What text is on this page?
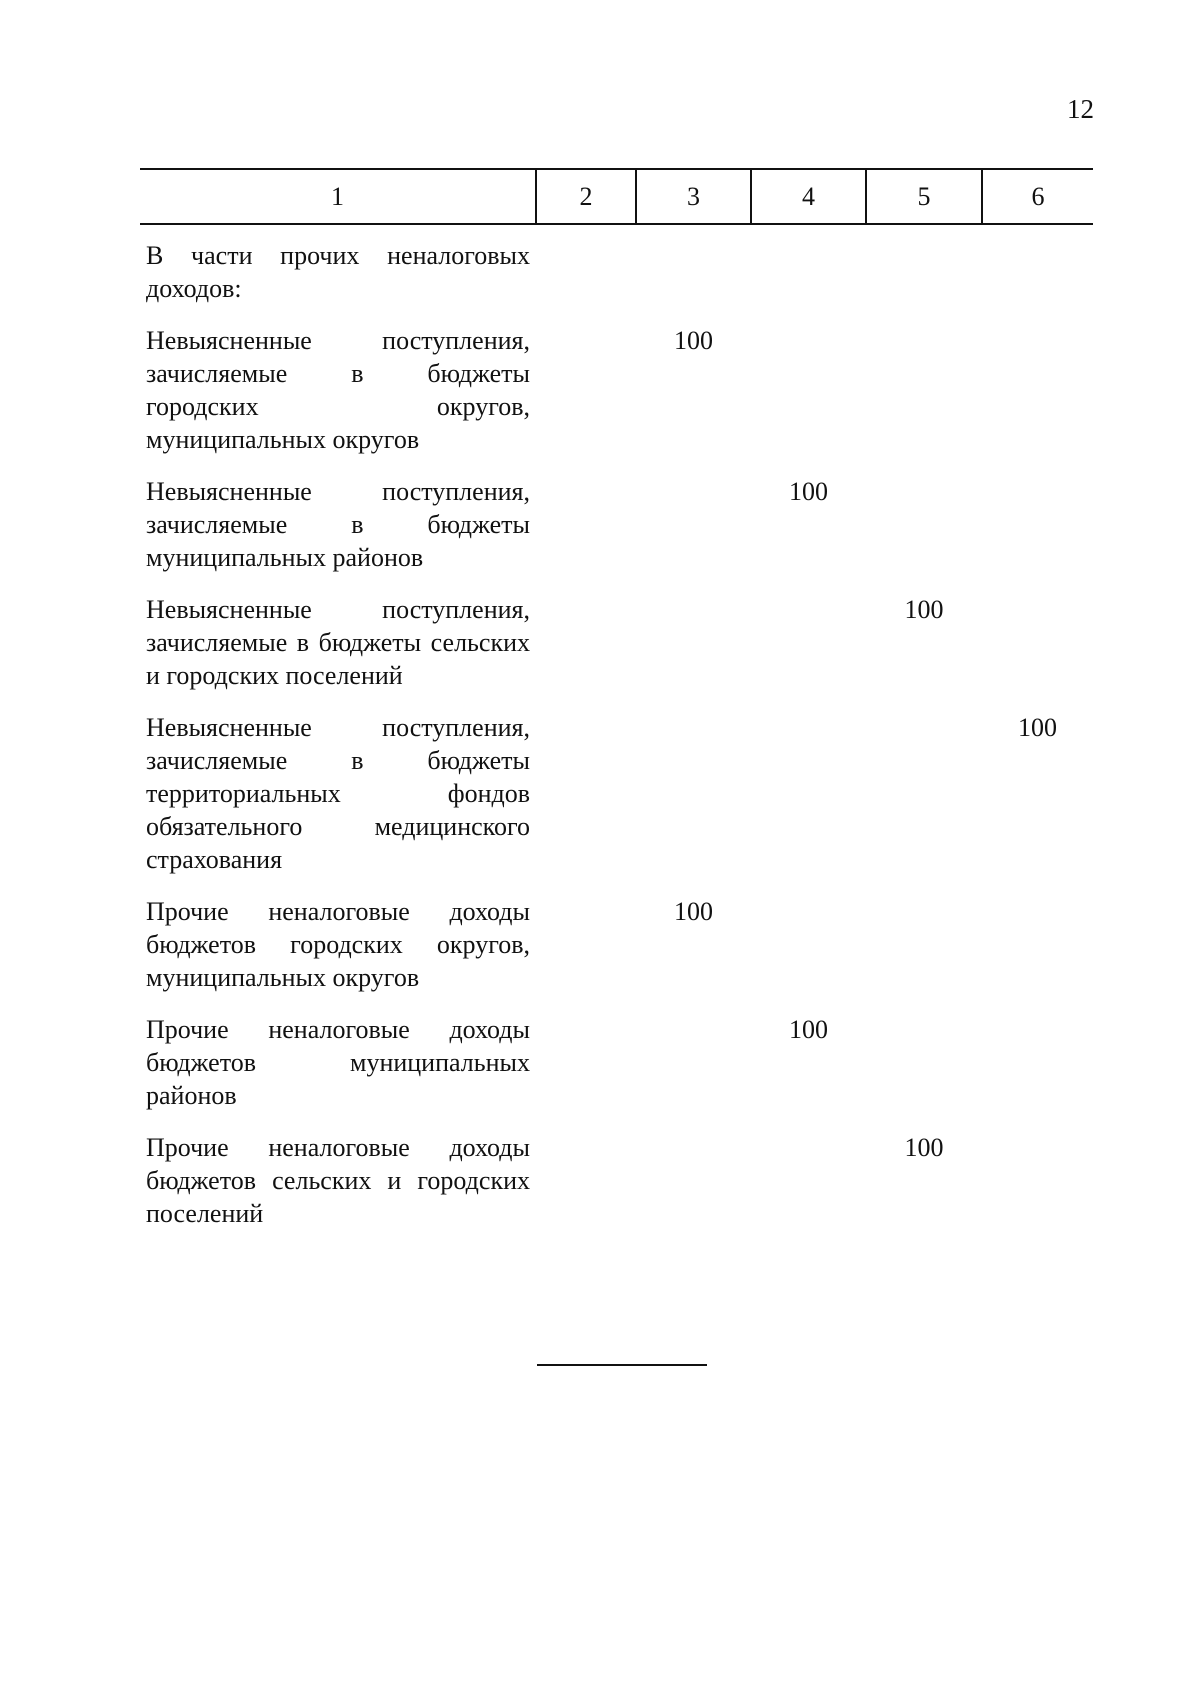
12
1	2	3	4	5	6
В части прочих неналоговых доходов:					
Невыясненные поступления, зачисляемые в бюджеты городских округов, муниципальных округов		100			
Невыясненные поступления, зачисляемые в бюджеты муниципальных районов			100		
Невыясненные поступления, зачисляемые в бюджеты сельских и городских поселений				100	
Невыясненные поступления, зачисляемые в бюджеты территориальных фондов обязательного медицинского страхования					100
Прочие неналоговые доходы бюджетов городских округов, муниципальных округов		100			
Прочие неналоговые доходы бюджетов муниципальных районов			100		
Прочие неналоговые доходы бюджетов сельских и городских поселений				100	
